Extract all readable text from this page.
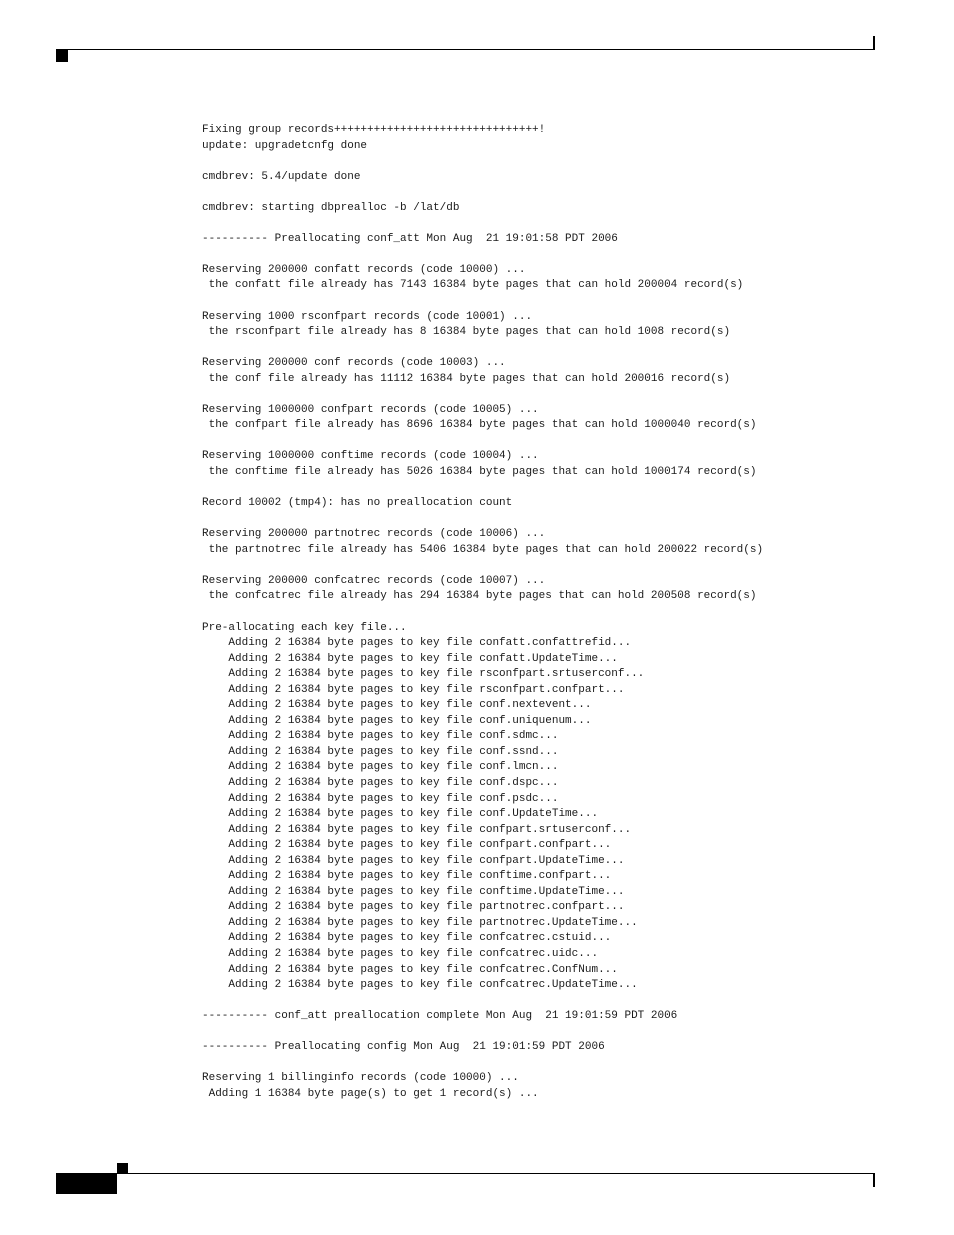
Fixing group records+++++++++++++++++++++++++++++++!
update: upgradetcnfg done
cmdbrev: 5.4/update done
cmdbrev: starting dbprealloc -b /lat/db
---------- Preallocating conf_att Mon Aug  21 19:01:58 PDT 2006
Reserving 200000 confatt records (code 10000) ...
the confatt file already has 7143 16384 byte pages that can hold 200004 record(s)
Reserving 1000 rsconfpart records (code 10001) ...
the rsconfpart file already has 8 16384 byte pages that can hold 1008 record(s)
Reserving 200000 conf records (code 10003) ...
the conf file already has 11112 16384 byte pages that can hold 200016 record(s)
Reserving 1000000 confpart records (code 10005) ...
the confpart file already has 8696 16384 byte pages that can hold 1000040 record(s)
Reserving 1000000 conftime records (code 10004) ...
the conftime file already has 5026 16384 byte pages that can hold 1000174 record(s)
Record 10002 (tmp4): has no preallocation count
Reserving 200000 partnotrec records (code 10006) ...
the partnotrec file already has 5406 16384 byte pages that can hold 200022 record(s)
Reserving 200000 confcatrec records (code 10007) ...
the confcatrec file already has 294 16384 byte pages that can hold 200508 record(s)
Pre-allocating each key file...
Adding 2 16384 byte pages to key file confatt.confattrefid...
Adding 2 16384 byte pages to key file confatt.UpdateTime...
Adding 2 16384 byte pages to key file rsconfpart.srtuserconf...
Adding 2 16384 byte pages to key file rsconfpart.confpart...
Adding 2 16384 byte pages to key file conf.nextevent...
Adding 2 16384 byte pages to key file conf.uniquenum...
Adding 2 16384 byte pages to key file conf.sdmc...
Adding 2 16384 byte pages to key file conf.ssnd...
Adding 2 16384 byte pages to key file conf.lmcn...
Adding 2 16384 byte pages to key file conf.dspc...
Adding 2 16384 byte pages to key file conf.psdc...
Adding 2 16384 byte pages to key file conf.UpdateTime...
Adding 2 16384 byte pages to key file confpart.srtuserconf...
Adding 2 16384 byte pages to key file confpart.confpart...
Adding 2 16384 byte pages to key file confpart.UpdateTime...
Adding 2 16384 byte pages to key file conftime.confpart...
Adding 2 16384 byte pages to key file conftime.UpdateTime...
Adding 2 16384 byte pages to key file partnotrec.confpart...
Adding 2 16384 byte pages to key file partnotrec.UpdateTime...
Adding 2 16384 byte pages to key file confcatrec.cstuid...
Adding 2 16384 byte pages to key file confcatrec.uidc...
Adding 2 16384 byte pages to key file confcatrec.ConfNum...
Adding 2 16384 byte pages to key file confcatrec.UpdateTime...
---------- conf_att preallocation complete Mon Aug  21 19:01:59 PDT 2006
---------- Preallocating config Mon Aug  21 19:01:59 PDT 2006
Reserving 1 billinginfo records (code 10000) ...
Adding 1 16384 byte page(s) to get 1 record(s) ...
